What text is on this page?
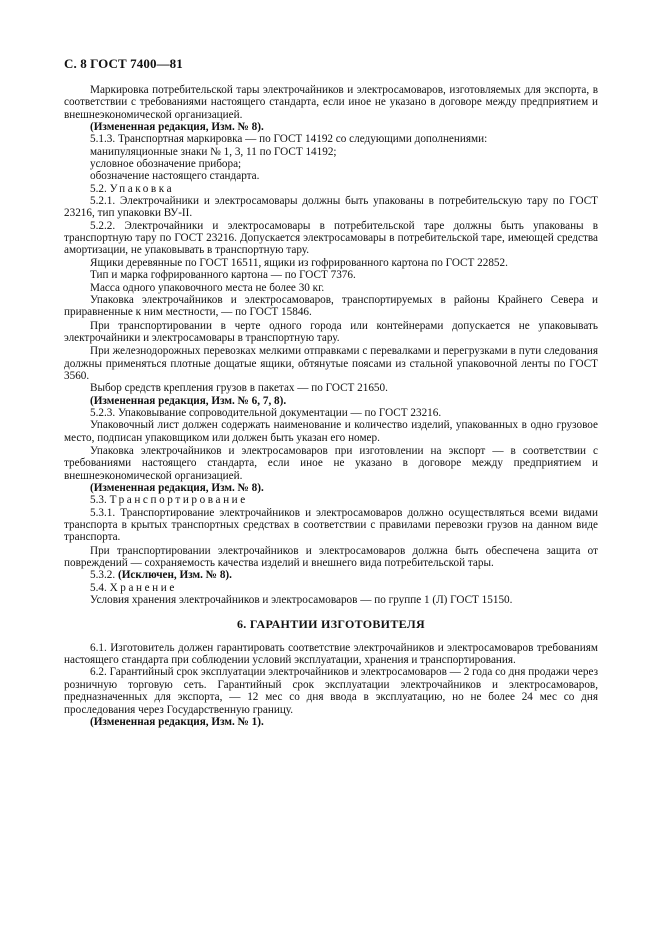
С. 8 ГОСТ 7400—81

Маркировка потребительской тары электрочайников и электросамоваров, изготовляемых для экспорта, в соответствии с требованиями настоящего стандарта, если иное не указано в договоре между предприятием и внешнеэкономической организацией.

(Измененная редакция, Изм. № 8).

5.1.3. Транспортная маркировка — по ГОСТ 14192 со следующими дополнениями:

манипуляционные знаки № 1, 3, 11 по ГОСТ 14192;

условное обозначение прибора;

обозначение настоящего стандарта.

5.2. Упаковка

5.2.1. Электрочайники и электросамовары должны быть упакованы в потребительскую тару по ГОСТ 23216, тип упаковки ВУ-II.

5.2.2. Электрочайники и электросамовары в потребительской таре должны быть упакованы в транспортную тару по ГОСТ 23216. Допускается электросамовары в потребительской таре, имеющей средства амортизации, не упаковывать в транспортную тару.

Ящики деревянные по ГОСТ 16511, ящики из гофрированного картона по ГОСТ 22852.

Тип и марка гофрированного картона — по ГОСТ 7376.

Масса одного упаковочного места не более 30 кг.

Упаковка электрочайников и электросамоваров, транспортируемых в районы Крайнего Севера и приравненные к ним местности, — по ГОСТ 15846.

При транспортировании в черте одного города или контейнерами допускается не упаковывать электрочайники и электросамовары в транспортную тару.

При железнодорожных перевозках мелкими отправками с перевалками и перегрузками в пути следования должны применяться плотные дощатые ящики, обтянутые поясами из стальной упаковочной ленты по ГОСТ 3560.

Выбор средств крепления грузов в пакетах — по ГОСТ 21650.

(Измененная редакция, Изм. № 6, 7, 8).

5.2.3. Упаковывание сопроводительной документации — по ГОСТ 23216.

Упаковочный лист должен содержать наименование и количество изделий, упакованных в одно грузовое место, подписан упаковщиком или должен быть указан его номер.

Упаковка электрочайников и электросамоваров при изготовлении на экспорт — в соответствии с требованиями настоящего стандарта, если иное не указано в договоре между предприятием и внешнеэкономической организацией.

(Измененная редакция, Изм. № 8).

5.3. Транспортирование

5.3.1. Транспортирование электрочайников и электросамоваров должно осуществляться всеми видами транспорта в крытых транспортных средствах в соответствии с правилами перевозки грузов на данном виде транспорта.

При транспортировании электрочайников и электросамоваров должна быть обеспечена защита от повреждений — сохраняемость качества изделий и внешнего вида потребительской тары.

5.3.2. (Исключен, Изм. № 8).

5.4. Хранение

Условия хранения электрочайников и электросамоваров — по группе 1 (Л) ГОСТ 15150.

6. ГАРАНТИИ ИЗГОТОВИТЕЛЯ

6.1. Изготовитель должен гарантировать соответствие электрочайников и электросамоваров требованиям настоящего стандарта при соблюдении условий эксплуатации, хранения и транспортирования.

6.2. Гарантийный срок эксплуатации электрочайников и электросамоваров — 2 года со дня продажи через розничную торговую сеть. Гарантийный срок эксплуатации электрочайников и электросамоваров, предназначенных для экспорта, — 12 мес со дня ввода в эксплуатацию, но не более 24 мес со дня проследования через Государственную границу.

(Измененная редакция, Изм. № 1).
